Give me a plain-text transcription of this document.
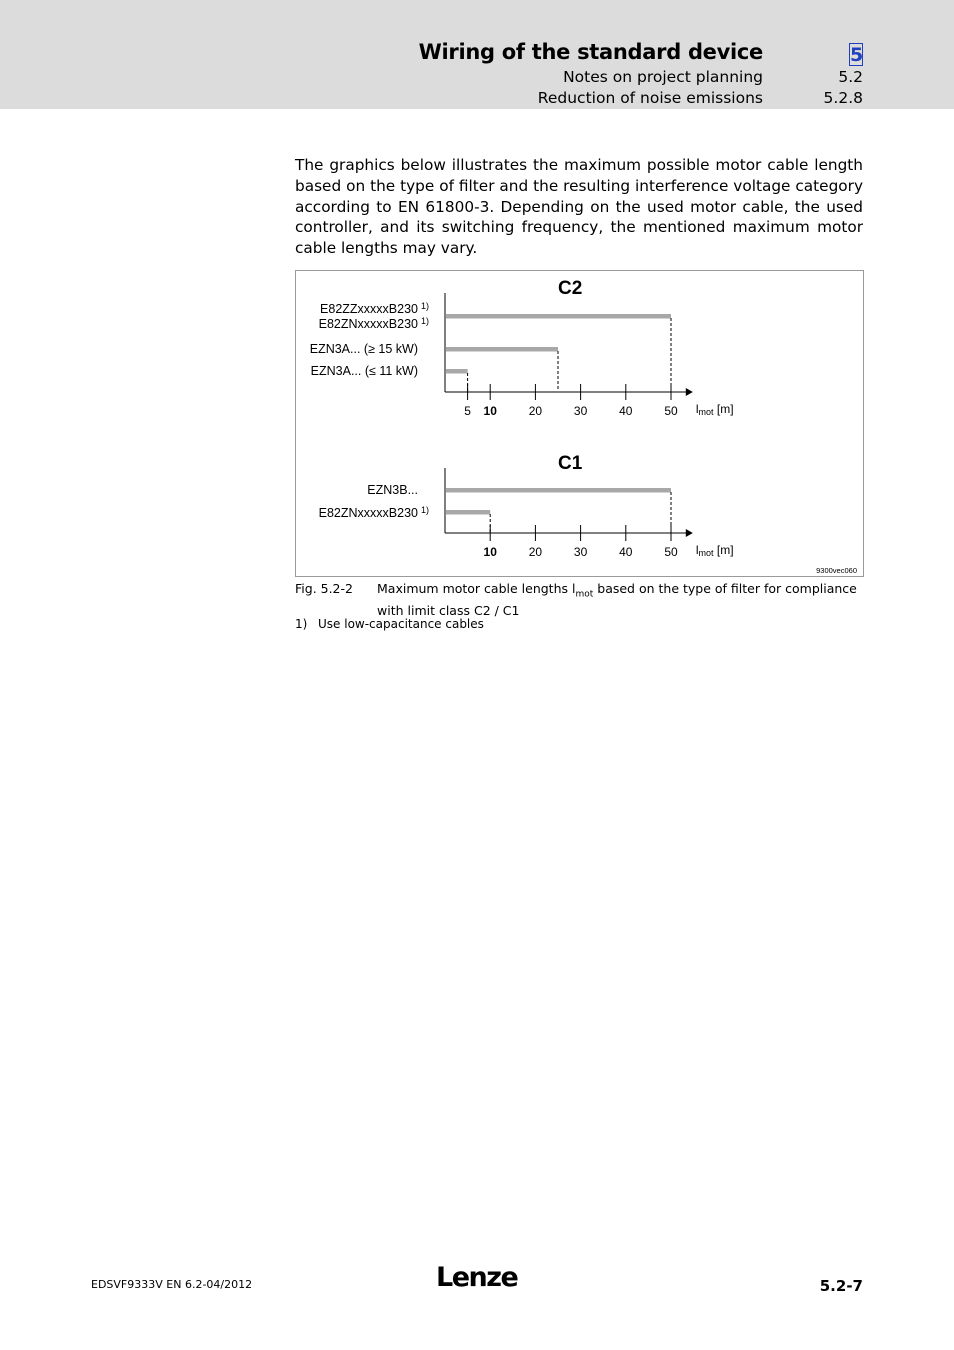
Wiring of the standard device	5
Notes on project planning	5.2
Reduction of noise emissions	5.2.8
The graphics below illustrates the maximum possible motor cable length based on the type of filter and the resulting interference voltage category according to EN 61800-3. Depending on the used motor cable, the used controller, and its switching frequency, the mentioned maximum motor cable lengths may vary.
C2
5 10	20	30	40	50 lmot [m]
E82ZZxxxxxB230 1)
E82ZNxxxxxB230 1)
EZN3A... (≥ 15 kW)
EZN3A... (≤ 11 kW)
C1
10	20	30	40	50 lmot [m]
EZN3B...
E82ZNxxxxxB230 1)
9300vec060
Fig. 5.2-2 Maximum motor cable lengths $l_{mot}$ based on the type of filter for compliance with limit class C2 / C1
1) Use low-capacitance cables
EDSVF9333V EN 6.2-04/2012	Lenze	5.2-7
